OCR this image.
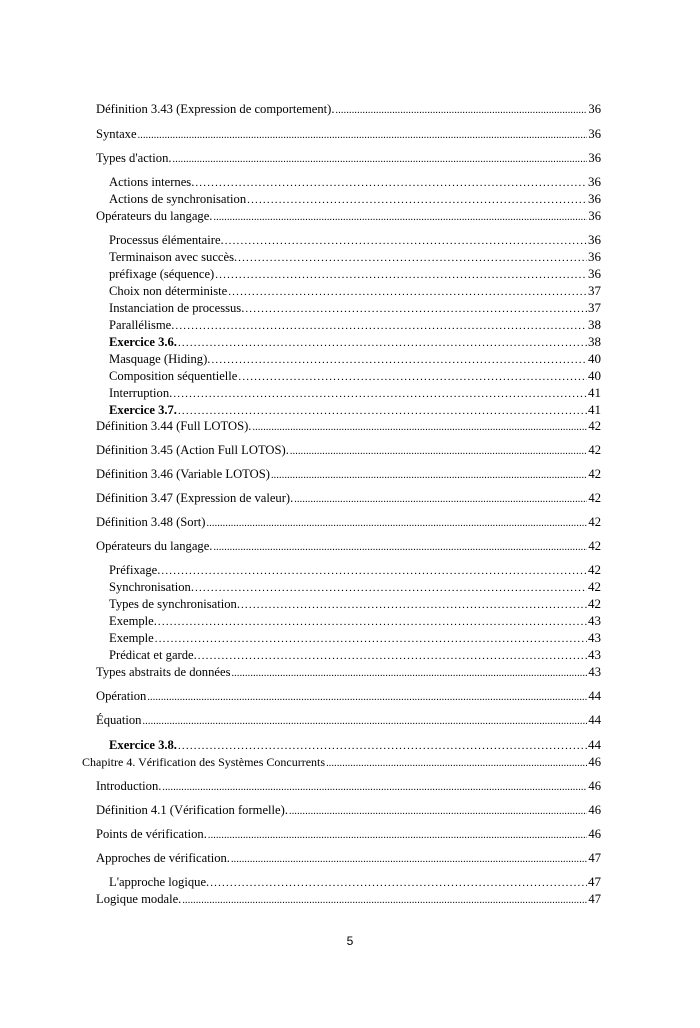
Définition 3.43 (Expression de comportement). .....	36
Syntaxe .....	36
Types d'action. .....	36
Actions internes. .....	36
Actions de synchronisation .....	36
Opérateurs du langage. .....	36
Processus élémentaire. .....	36
Terminaison avec succès. .....	36
préfixage (séquence) .....	36
Choix non déterministe .....	37
Instanciation de processus. .....	37
Parallélisme. .....	38
Exercice 3.6. .....	38
Masquage (Hiding). .....	40
Composition séquentielle .....	40
Interruption. .....	41
Exercice 3.7. .....	41
Définition 3.44 (Full LOTOS). .....	42
Définition 3.45 (Action Full LOTOS). .....	42
Définition 3.46 (Variable LOTOS) .....	42
Définition 3.47 (Expression de valeur). .....	42
Définition 3.48 (Sort) .....	42
Opérateurs du langage. .....	42
Préfixage. .....	42
Synchronisation. .....	42
Types de synchronisation. .....	42
Exemple. .....	43
Exemple .....	43
Prédicat et garde. .....	43
Types abstraits de données .....	43
Opération .....	44
Équation .....	44
Exercice 3.8. .....	44
Chapitre 4. Vérification des Systèmes Concurrents .....	46
Introduction. .....	46
Définition 4.1 (Vérification formelle). .....	46
Points de vérification. .....	46
Approches de vérification. .....	47
L'approche logique. .....	47
Logique modale. .....	47
5
